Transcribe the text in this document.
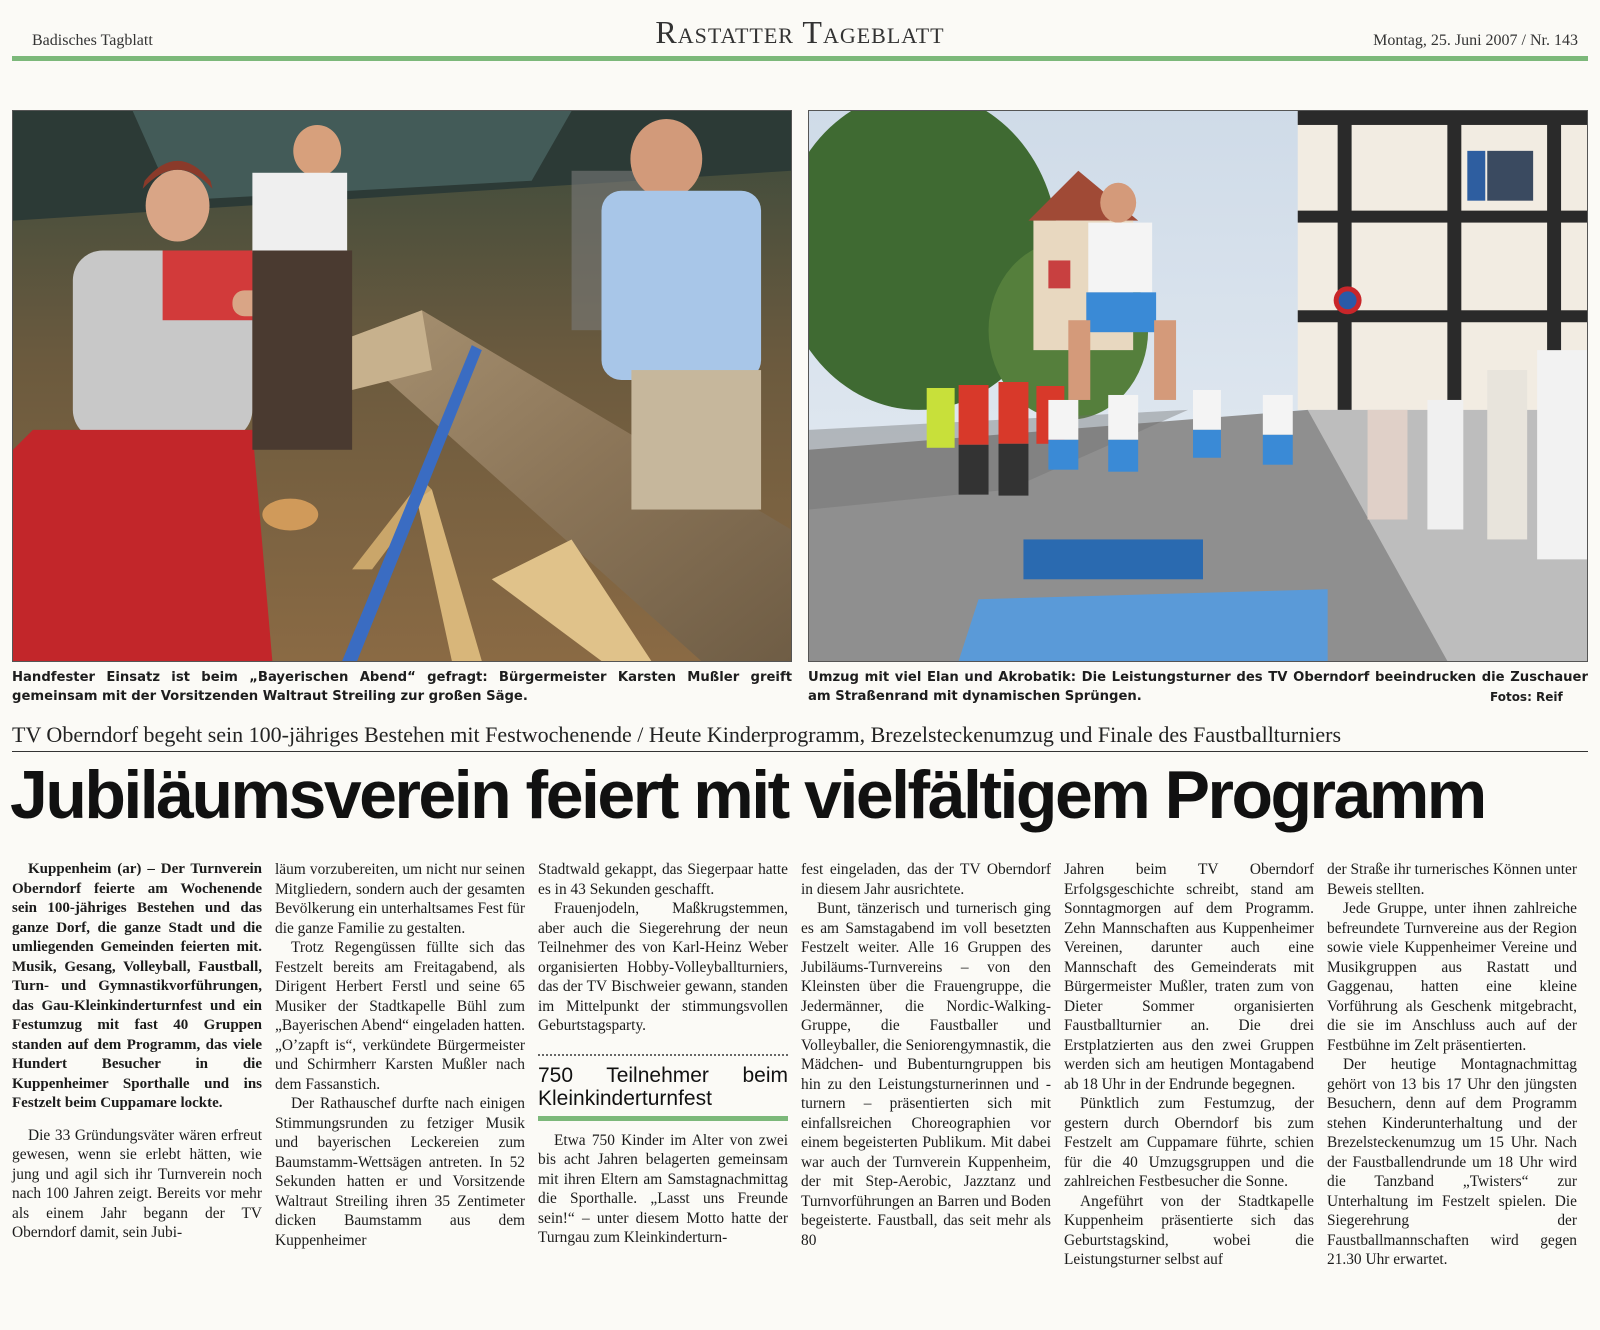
Badisches Tagblatt	Rastatter Tageblatt	Montag, 25. Juni 2007 / Nr. 143
Handfester Einsatz ist beim „Bayerischen Abend“ gefragt: Bürgermeister Karsten Mußler greift gemeinsam mit der Vorsitzenden Waltraut Streiling zur großen Säge.
Umzug mit viel Elan und Akrobatik: Die Leistungsturner des TV Oberndorf beeindrucken die Zuschauer am Straßenrand mit dynamischen Sprüngen.	Fotos: Reif
TV Oberndorf begeht sein 100-jähriges Bestehen mit Festwochenende / Heute Kinderprogramm, Brezelsteckenumzug und Finale des Faustballturniers
Jubiläumsverein feiert mit vielfältigem Programm

Kuppenheim (ar) – Der Turnverein Oberndorf feierte am Wochenende sein 100-jähriges Bestehen und das ganze Dorf, die ganze Stadt und die umliegenden Gemeinden feierten mit. Musik, Gesang, Volleyball, Faustball, Turn- und Gymnastikvorführungen, das Gau-Kleinkinderturnfest und ein Festumzug mit fast 40 Gruppen standen auf dem Programm, das viele Hundert Besucher in die Kuppenheimer Sporthalle und ins Festzelt beim Cuppamare lockte.

Die 33 Gründungsväter wären erfreut gewesen, wenn sie erlebt hätten, wie jung und agil sich ihr Turnverein noch nach 100 Jahren zeigt. Bereits vor mehr als einem Jahr begann der TV Oberndorf damit, sein Jubi-

läum vorzubereiten, um nicht nur seinen Mitgliedern, sondern auch der gesamten Bevölkerung ein unterhaltsames Fest für die ganze Familie zu gestalten.

Trotz Regengüssen füllte sich das Festzelt bereits am Freitagabend, als Dirigent Herbert Ferstl und seine 65 Musiker der Stadtkapelle Bühl zum „Bayerischen Abend“ eingeladen hatten. „O’zapft is“, verkündete Bürgermeister und Schirmherr Karsten Mußler nach dem Fassanstich.

Der Rathauschef durfte nach einigen Stimmungsrunden zu fetziger Musik und bayerischen Leckereien zum Baumstamm-Wettsägen antreten. In 52 Sekunden hatten er und Vorsitzende Waltraut Streiling ihren 35 Zentimeter dicken Baumstamm aus dem Kuppenheimer

Stadtwald gekappt, das Siegerpaar hatte es in 43 Sekunden geschafft.

Frauenjodeln, Maßkrugstemmen, aber auch die Siegerehrung der neun Teilnehmer des von Karl-Heinz Weber organisierten Hobby-Volleyballturniers, das der TV Bischweier gewann, standen im Mittelpunkt der stimmungsvollen Geburtstagsparty.

750 Teilnehmer beim Kleinkinderturnfest

Etwa 750 Kinder im Alter von zwei bis acht Jahren belagerten gemeinsam mit ihren Eltern am Samstagnachmittag die Sporthalle. „Lasst uns Freunde sein!“ – unter diesem Motto hatte der Turngau zum Kleinkinderturn-

fest eingeladen, das der TV Oberndorf in diesem Jahr ausrichtete.

Bunt, tänzerisch und turnerisch ging es am Samstagabend im voll besetzten Festzelt weiter. Alle 16 Gruppen des Jubiläums-Turnvereins – von den Kleinsten über die Frauengruppe, die Jedermänner, die Nordic-Walking-Gruppe, die Faustballer und Volleyballer, die Seniorengymnastik, die Mädchen- und Bubenturngruppen bis hin zu den Leistungsturnerinnen und -turnern – präsentierten sich mit einfallsreichen Choreographien vor einem begeisterten Publikum. Mit dabei war auch der Turnverein Kuppenheim, der mit Step-Aerobic, Jazztanz und Turnvorführungen an Barren und Boden begeisterte. Faustball, das seit mehr als 80

Jahren beim TV Oberndorf Erfolgsgeschichte schreibt, stand am Sonntagmorgen auf dem Programm. Zehn Mannschaften aus Kuppenheimer Vereinen, darunter auch eine Mannschaft des Gemeinderats mit Bürgermeister Mußler, traten zum von Dieter Sommer organisierten Faustballturnier an. Die drei Erstplatzierten aus den zwei Gruppen werden sich am heutigen Montagabend ab 18 Uhr in der Endrunde begegnen.

Pünktlich zum Festumzug, der gestern durch Oberndorf bis zum Festzelt am Cuppamare führte, schien für die 40 Umzugsgruppen und die zahlreichen Festbesucher die Sonne.

Angeführt von der Stadtkapelle Kuppenheim präsentierte sich das Geburtstagskind, wobei die Leistungsturner selbst auf

der Straße ihr turnerisches Können unter Beweis stellten.

Jede Gruppe, unter ihnen zahlreiche befreundete Turnvereine aus der Region sowie viele Kuppenheimer Vereine und Musikgruppen aus Rastatt und Gaggenau, hatten eine kleine Vorführung als Geschenk mitgebracht, die sie im Anschluss auch auf der Festbühne im Zelt präsentierten.

Der heutige Montagnachmittag gehört von 13 bis 17 Uhr den jüngsten Besuchern, denn auf dem Programm stehen Kinderunterhaltung und der Brezelsteckenumzug um 15 Uhr. Nach der Faustballendrunde um 18 Uhr wird die Tanzband „Twisters“ zur Unterhaltung im Festzelt spielen. Die Siegerehrung der Faustballmannschaften wird gegen 21.30 Uhr erwartet.
